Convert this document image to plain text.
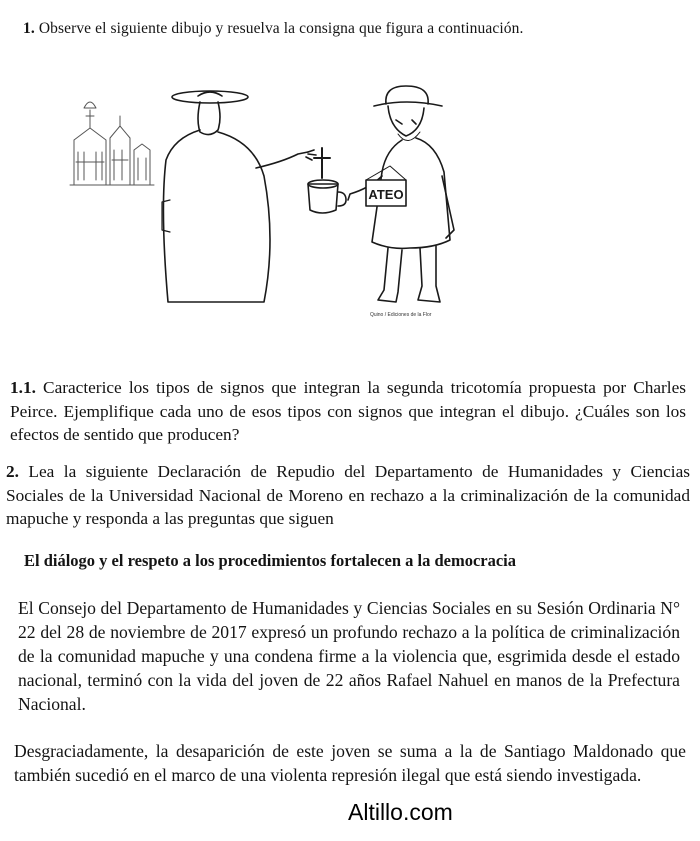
1. Observe el siguiente dibujo y resuelva la consigna que figura a continuación.
ATEO
Quino / Ediciones de la Flor
1.1. Caracterice los tipos de signos que integran la segunda tricotomía propuesta por Charles Peirce. Ejemplifique cada uno de esos tipos con signos que integran el dibujo. ¿Cuáles son los efectos de sentido que producen?
2. Lea la siguiente Declaración de Repudio del Departamento de Humanidades y Ciencias Sociales de la Universidad Nacional de Moreno en rechazo a la criminalización de la comunidad mapuche y responda a las preguntas que siguen
El diálogo y el respeto a los procedimientos fortalecen a la democracia
El Consejo del Departamento de Humanidades y Ciencias Sociales en su Sesión Ordinaria N° 22 del 28 de noviembre de 2017 expresó un profundo rechazo a la política de criminalización de la comunidad mapuche y una condena firme a la violencia que, esgrimida desde el estado nacional, terminó con la vida del joven de 22 años Rafael Nahuel en manos de la Prefectura Nacional.
Desgraciadamente, la desaparición de este joven se suma a la de Santiago Maldonado que también sucedió en el marco de una violenta represión ilegal que está siendo investigada.
Altillo.com
